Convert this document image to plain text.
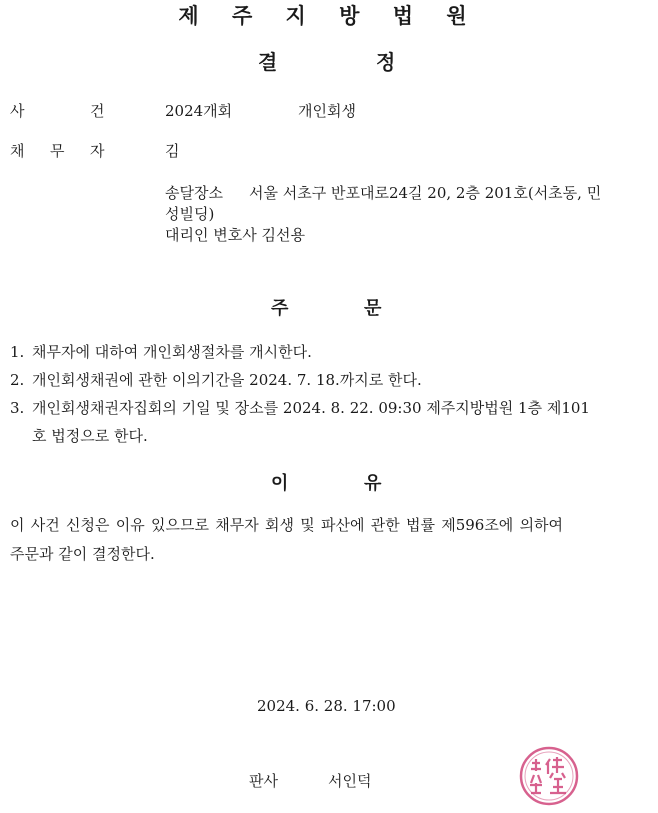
제 주 지 방 법 원
결	정
사	건	2024개회	개인회생
채 무 자	김
송달장소 서울 서초구 반포대로24길 20, 2층 201호(서초동, 민
성빌딩)
대리인 변호사 김선용
주	문
1. 채무자에 대하여 개인회생절차를 개시한다.
2. 개인회생채권에 관한 이의기간을 2024. 7. 18.까지로 한다.
3. 개인회생채권자집회의 기일 및 장소를 2024. 8. 22. 09:30 제주지방법원 1층 제101
호 법정으로 한다.
이	유
이 사건 신청은 이유 있으므로 채무자 회생 및 파산에 관한 법률 제596조에 의하여
주문과 같이 결정한다.
2024. 6. 28. 17:00
판사	서인덕
